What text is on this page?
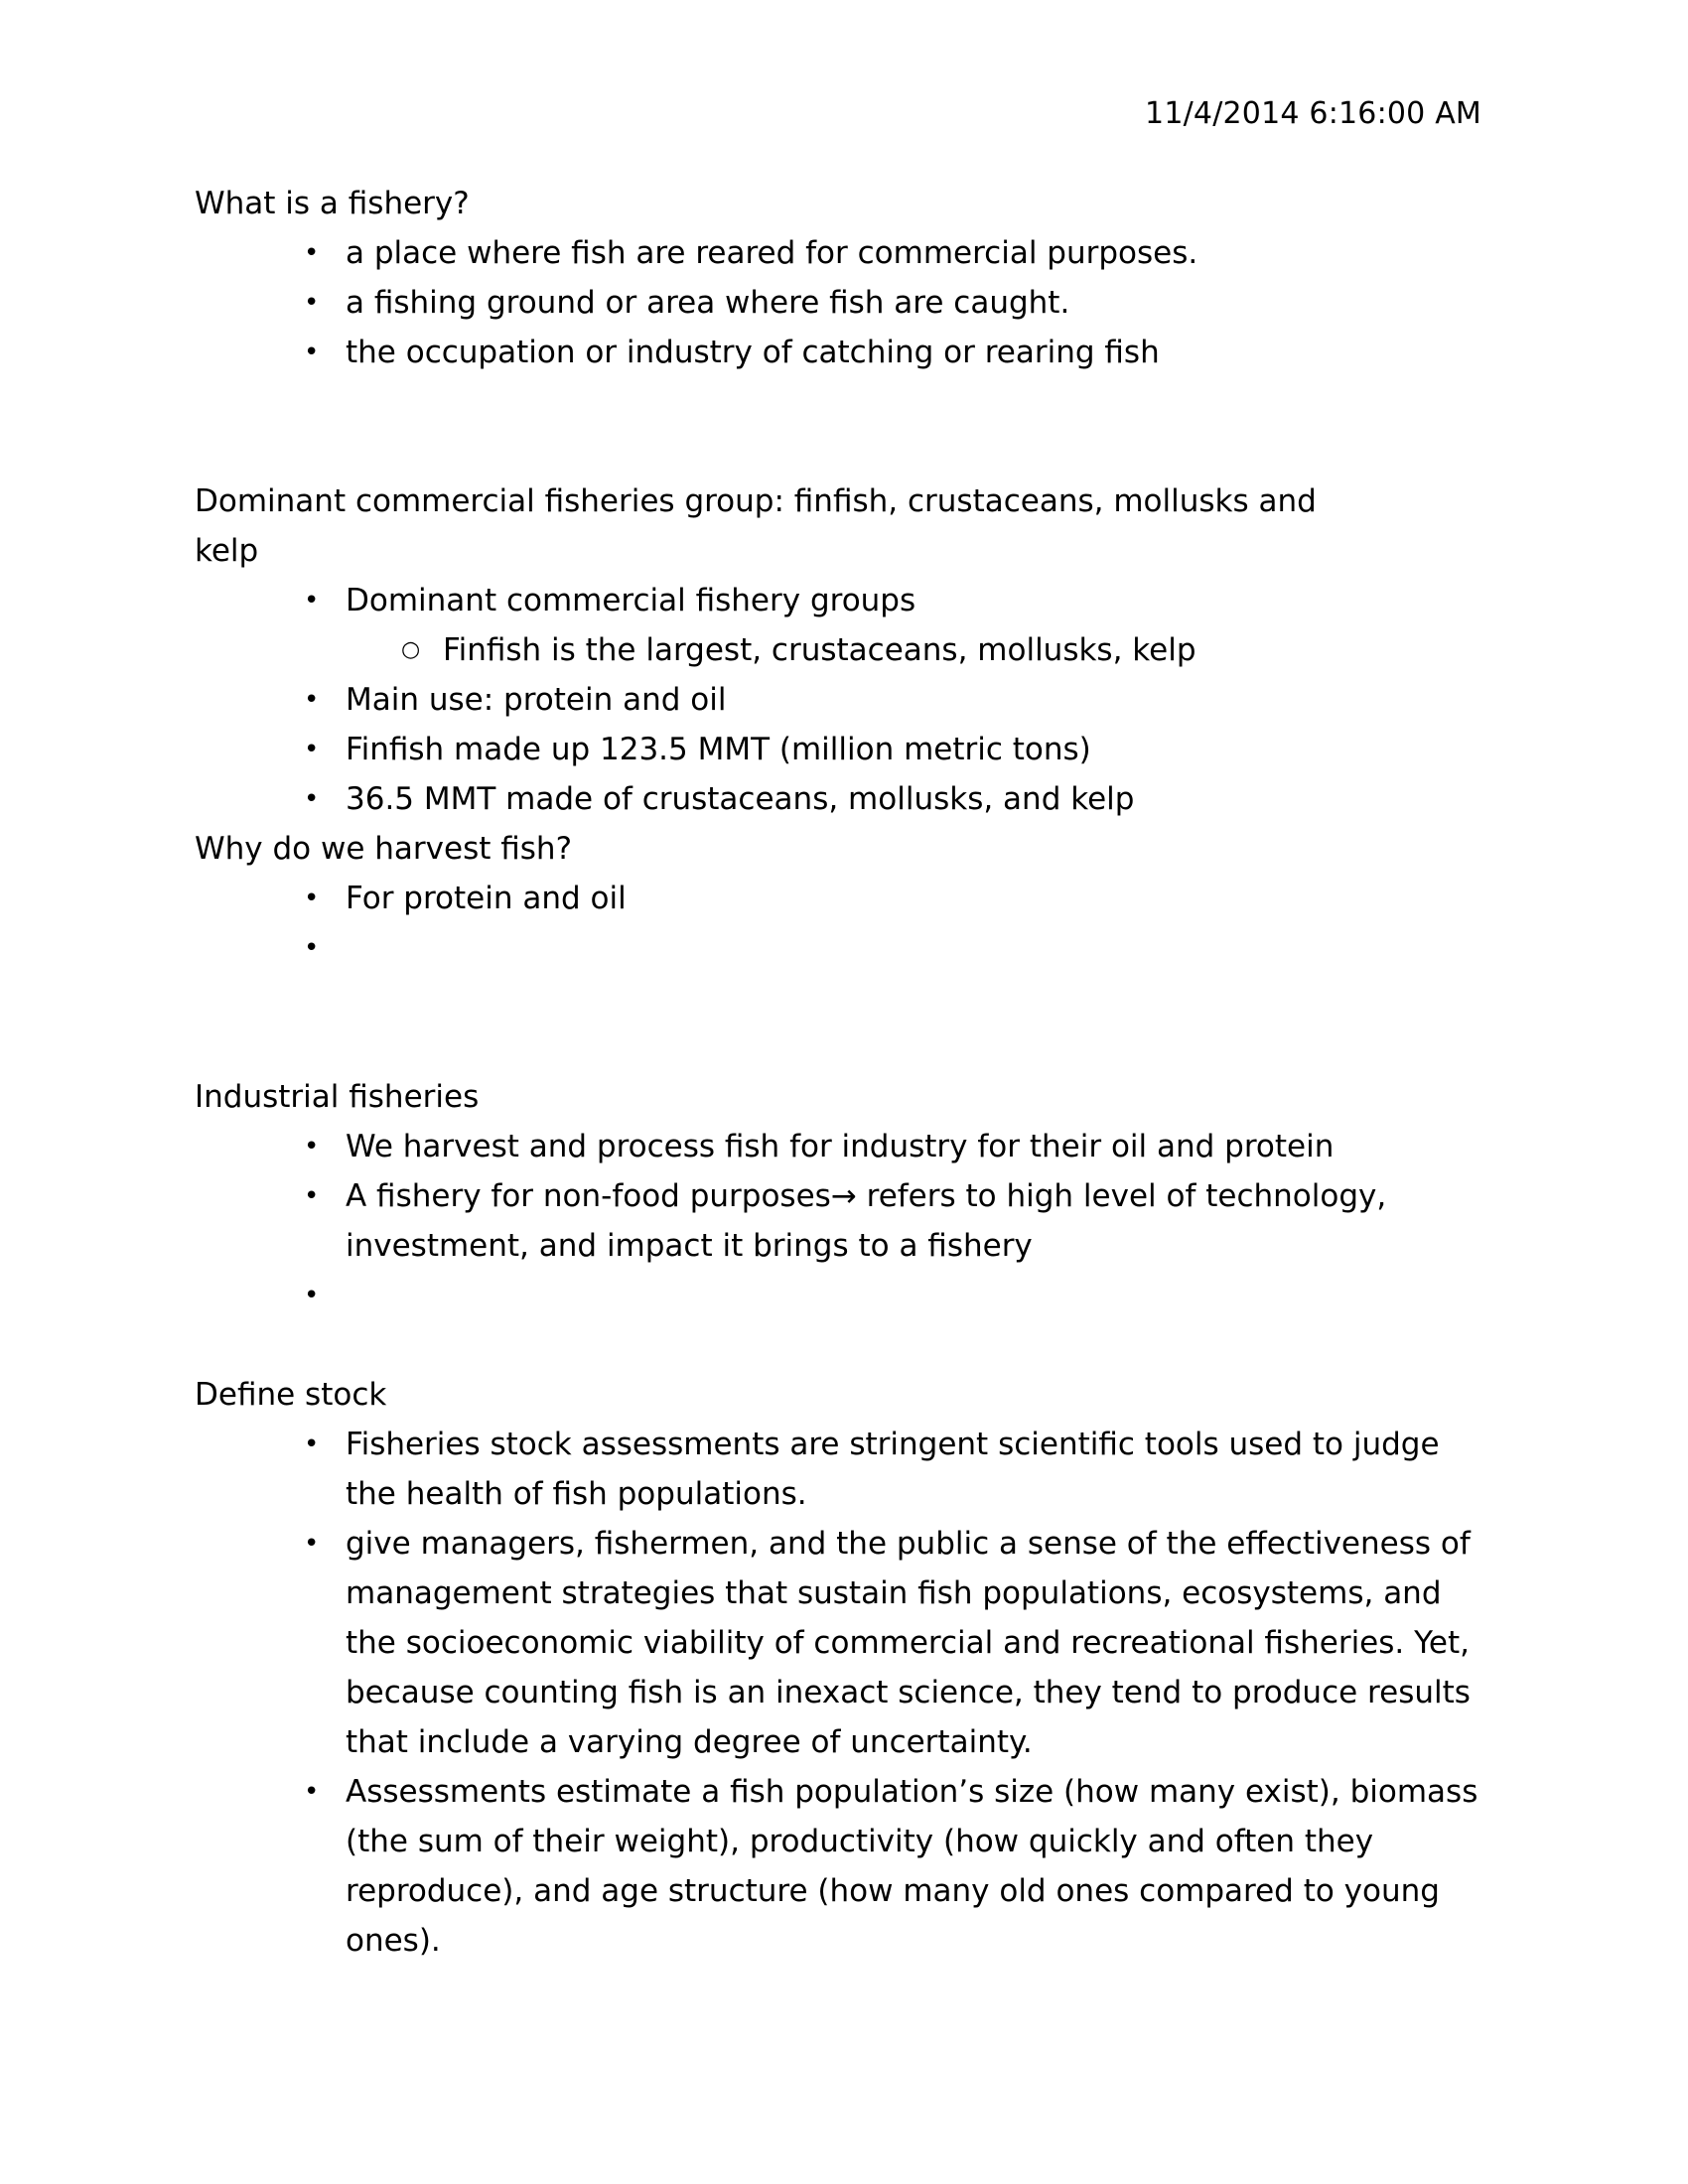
11/4/2014 6:16:00 AM
What is a fishery?
• a place where fish are reared for commercial purposes.
• a fishing ground or area where fish are caught.
• the occupation or industry of catching or rearing fish
Dominant commercial fisheries group: finfish, crustaceans, mollusks and kelp
• Dominant commercial fishery groups
○ Finfish is the largest, crustaceans, mollusks, kelp
• Main use: protein and oil
• Finfish made up 123.5 MMT (million metric tons)
• 36.5 MMT made of crustaceans, mollusks, and kelp
Why do we harvest fish?
• For protein and oil
•
Industrial fisheries
• We harvest and process fish for industry for their oil and protein
• A fishery for non-food purposes→ refers to high level of technology, investment, and impact it brings to a fishery
•
Define stock
• Fisheries stock assessments are stringent scientific tools used to judge the health of fish populations.
• give managers, fishermen, and the public a sense of the effectiveness of management strategies that sustain fish populations, ecosystems, and the socioeconomic viability of commercial and recreational fisheries. Yet, because counting fish is an inexact science, they tend to produce results that include a varying degree of uncertainty.
• Assessments estimate a fish population’s size (how many exist), biomass (the sum of their weight), productivity (how quickly and often they reproduce), and age structure (how many old ones compared to young ones).
